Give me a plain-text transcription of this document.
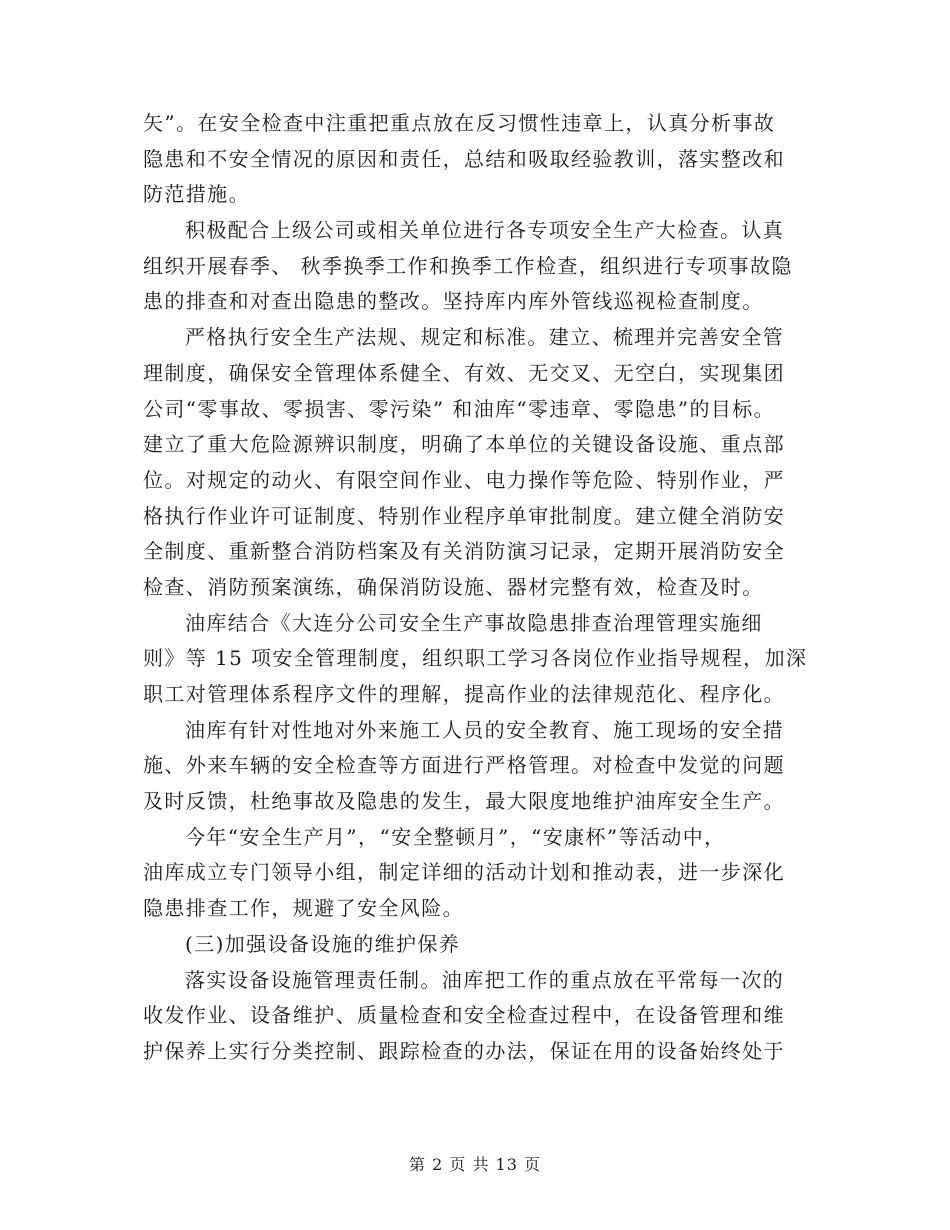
矢”。在安全检查中注重把重点放在反习惯性违章上，认真分析事故
隐患和不安全情况的原因和责任，总结和吸取经验教训，落实整改和
防范措施。
积极配合上级公司或相关单位进行各专项安全生产大检查。认真
组织开展春季、 秋季换季工作和换季工作检查，组织进行专项事故隐
患的排查和对查出隐患的整改。坚持库内库外管线巡视检查制度。
严格执行安全生产法规、规定和标准。建立、梳理并完善安全管
理制度，确保安全管理体系健全、有效、无交叉、无空白，实现集团
公司“零事故、零损害、零污染” 和油库“零违章、零隐患”的目标。
建立了重大危险源辨识制度，明确了本单位的关键设备设施、重点部
位。对规定的动火、有限空间作业、电力操作等危险、特别作业，严
格执行作业许可证制度、特别作业程序单审批制度。建立健全消防安
全制度、重新整合消防档案及有关消防演习记录，定期开展消防安全
检查、消防预案演练，确保消防设施、器材完整有效，检查及时。
油库结合《大连分公司安全生产事故隐患排查治理管理实施细
则》等 15 项安全管理制度，组织职工学习各岗位作业指导规程，加深
职工对管理体系程序文件的理解，提高作业的法律规范化、程序化。
油库有针对性地对外来施工人员的安全教育、施工现场的安全措
施、外来车辆的安全检查等方面进行严格管理。对检查中发觉的问题
及时反馈，杜绝事故及隐患的发生，最大限度地维护油库安全生产。
今年“安全生产月”，“安全整顿月”，“安康杯”等活动中，
油库成立专门领导小组，制定详细的活动计划和推动表，进一步深化
隐患排查工作，规避了安全风险。
(三)加强设备设施的维护保养
落实设备设施管理责任制。油库把工作的重点放在平常每一次的
收发作业、设备维护、质量检查和安全检查过程中，在设备管理和维
护保养上实行分类控制、跟踪检查的办法，保证在用的设备始终处于
第 2 页 共 13 页
